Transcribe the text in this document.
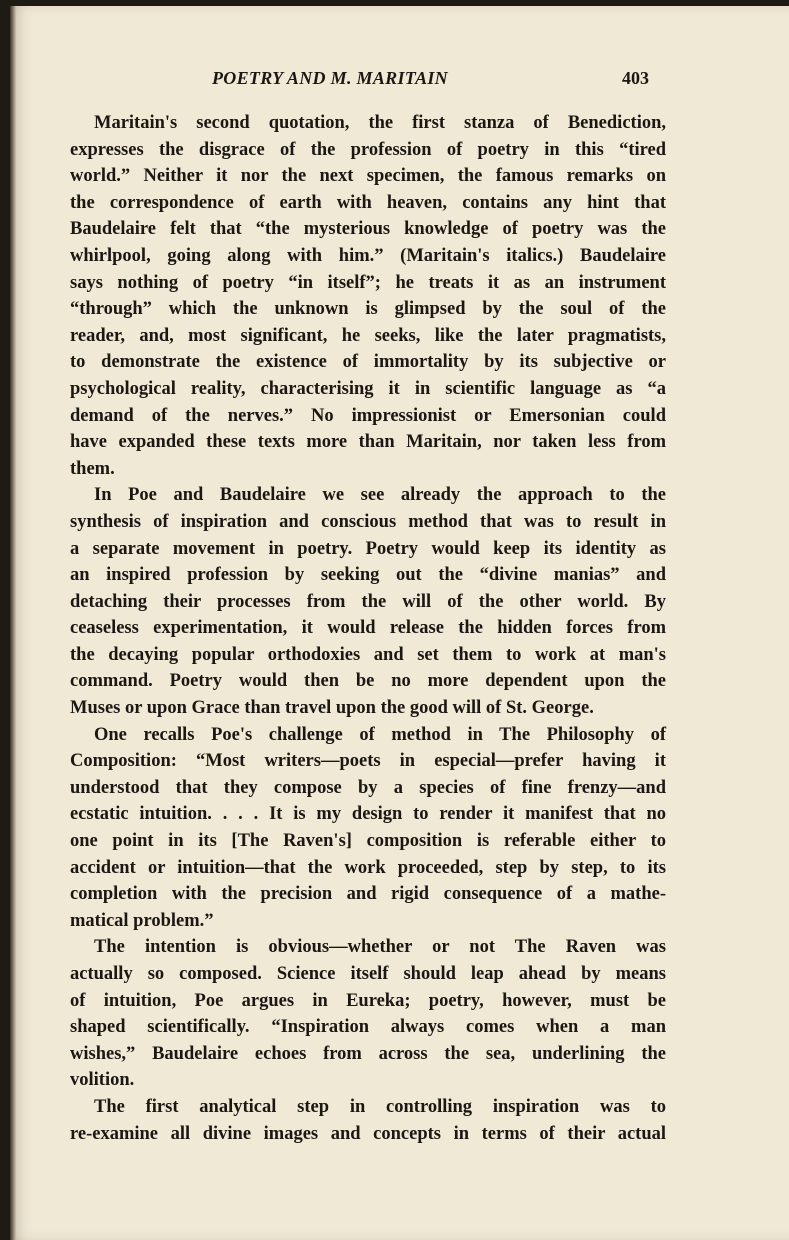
POETRY AND M. MARITAIN	403
Maritain's second quotation, the first stanza of Benediction,
expresses the disgrace of the profession of poetry in this “tired
world.” Neither it nor the next specimen, the famous remarks on
the correspondence of earth with heaven, contains any hint that
Baudelaire felt that “the mysterious knowledge of poetry was the
whirlpool, going along with him.” (Maritain's italics.) Baudelaire
says nothing of poetry “in itself”; he treats it as an instrument
“through” which the unknown is glimpsed by the soul of the
reader, and, most significant, he seeks, like the later pragmatists,
to demonstrate the existence of immortality by its subjective or
psychological reality, characterising it in scientific language as “a
demand of the nerves.” No impressionist or Emersonian could
have expanded these texts more than Maritain, nor taken less from
them.
In Poe and Baudelaire we see already the approach to the
synthesis of inspiration and conscious method that was to result in
a separate movement in poetry. Poetry would keep its identity as
an inspired profession by seeking out the “divine manias” and
detaching their processes from the will of the other world. By
ceaseless experimentation, it would release the hidden forces from
the decaying popular orthodoxies and set them to work at man's
command. Poetry would then be no more dependent upon the
Muses or upon Grace than travel upon the good will of St. George.
One recalls Poe's challenge of method in The Philosophy of
Composition: “Most writers—poets in especial—prefer having it
understood that they compose by a species of fine frenzy—and
ecstatic intuition. . . . It is my design to render it manifest that no
one point in its [The Raven's] composition is referable either to
accident or intuition—that the work proceeded, step by step, to its
completion with the precision and rigid consequence of a mathe-
matical problem.”
The intention is obvious—whether or not The Raven was
actually so composed. Science itself should leap ahead by means
of intuition, Poe argues in Eureka; poetry, however, must be
shaped scientifically. “Inspiration always comes when a man
wishes,” Baudelaire echoes from across the sea, underlining the
volition.
The first analytical step in controlling inspiration was to
re-examine all divine images and concepts in terms of their actual
